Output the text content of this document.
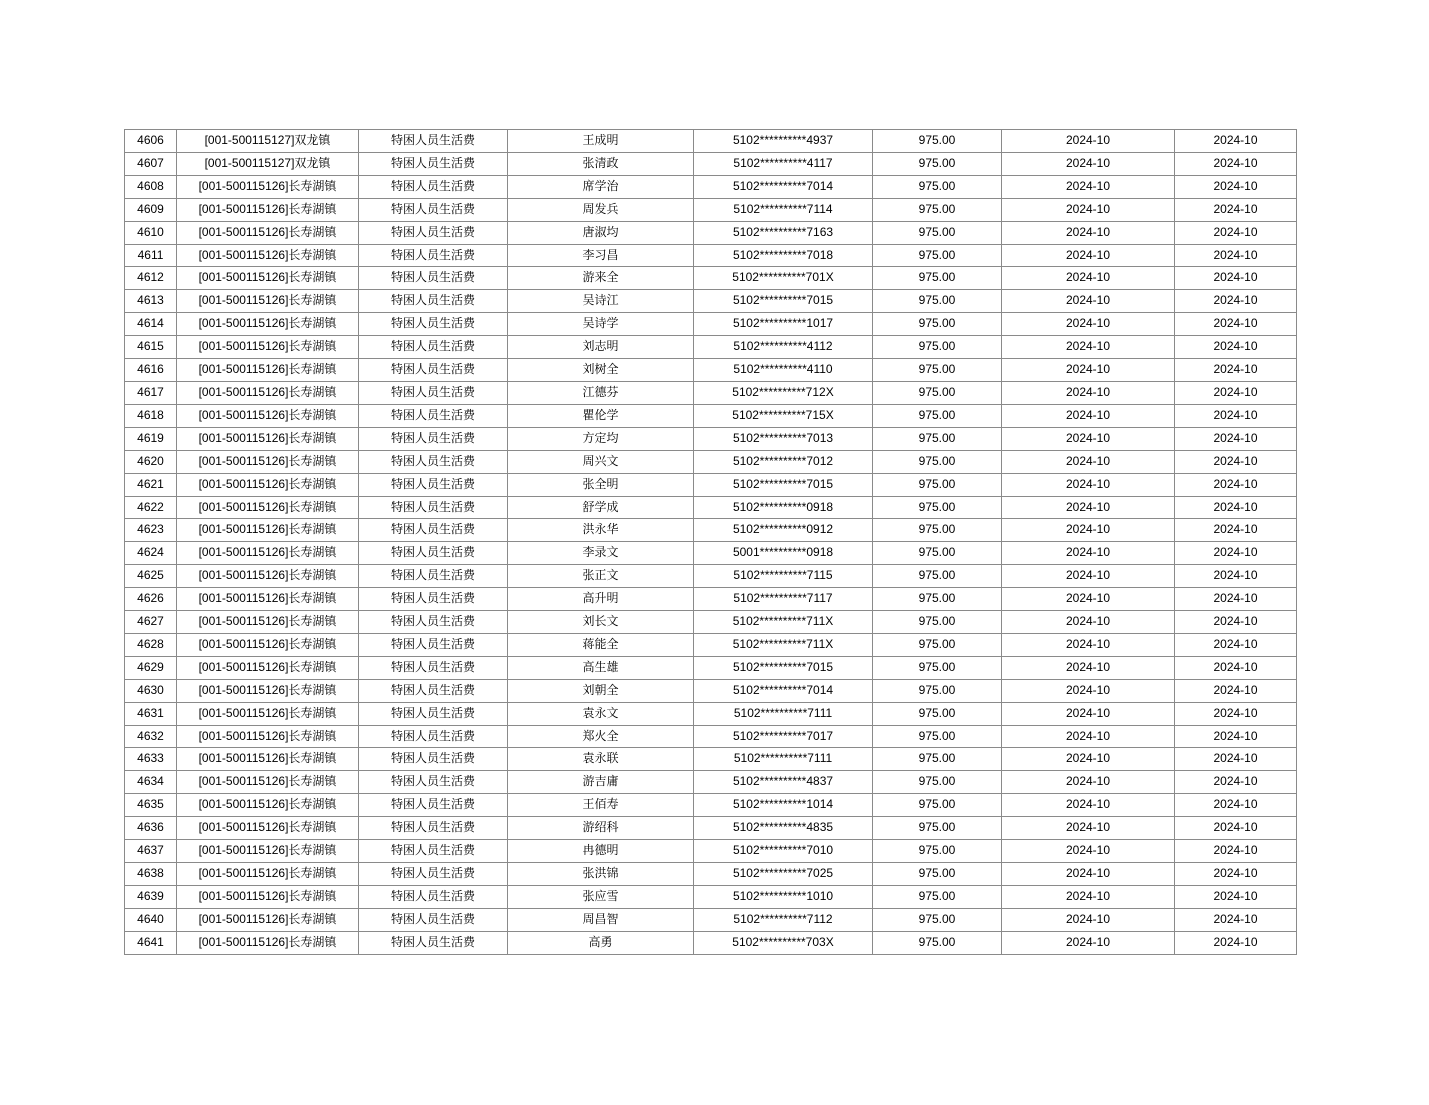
4606	[001-500115127]双龙镇	特困人员生活费	王成明	5102**********4937	975.00	2024-10	2024-10
4607	[001-500115127]双龙镇	特困人员生活费	张清政	5102**********4117	975.00	2024-10	2024-10
4608	[001-500115126]长寿湖镇	特困人员生活费	席学治	5102**********7014	975.00	2024-10	2024-10
4609	[001-500115126]长寿湖镇	特困人员生活费	周发兵	5102**********7114	975.00	2024-10	2024-10
4610	[001-500115126]长寿湖镇	特困人员生活费	唐淑均	5102**********7163	975.00	2024-10	2024-10
4611	[001-500115126]长寿湖镇	特困人员生活费	李习昌	5102**********7018	975.00	2024-10	2024-10
4612	[001-500115126]长寿湖镇	特困人员生活费	游来全	5102**********701X	975.00	2024-10	2024-10
4613	[001-500115126]长寿湖镇	特困人员生活费	吴诗江	5102**********7015	975.00	2024-10	2024-10
4614	[001-500115126]长寿湖镇	特困人员生活费	吴诗学	5102**********1017	975.00	2024-10	2024-10
4615	[001-500115126]长寿湖镇	特困人员生活费	刘志明	5102**********4112	975.00	2024-10	2024-10
4616	[001-500115126]长寿湖镇	特困人员生活费	刘树全	5102**********4110	975.00	2024-10	2024-10
4617	[001-500115126]长寿湖镇	特困人员生活费	江德芬	5102**********712X	975.00	2024-10	2024-10
4618	[001-500115126]长寿湖镇	特困人员生活费	瞿伦学	5102**********715X	975.00	2024-10	2024-10
4619	[001-500115126]长寿湖镇	特困人员生活费	方定均	5102**********7013	975.00	2024-10	2024-10
4620	[001-500115126]长寿湖镇	特困人员生活费	周兴文	5102**********7012	975.00	2024-10	2024-10
4621	[001-500115126]长寿湖镇	特困人员生活费	张全明	5102**********7015	975.00	2024-10	2024-10
4622	[001-500115126]长寿湖镇	特困人员生活费	舒学成	5102**********0918	975.00	2024-10	2024-10
4623	[001-500115126]长寿湖镇	特困人员生活费	洪永华	5102**********0912	975.00	2024-10	2024-10
4624	[001-500115126]长寿湖镇	特困人员生活费	李录文	5001**********0918	975.00	2024-10	2024-10
4625	[001-500115126]长寿湖镇	特困人员生活费	张正文	5102**********7115	975.00	2024-10	2024-10
4626	[001-500115126]长寿湖镇	特困人员生活费	高升明	5102**********7117	975.00	2024-10	2024-10
4627	[001-500115126]长寿湖镇	特困人员生活费	刘长文	5102**********711X	975.00	2024-10	2024-10
4628	[001-500115126]长寿湖镇	特困人员生活费	蒋能全	5102**********711X	975.00	2024-10	2024-10
4629	[001-500115126]长寿湖镇	特困人员生活费	高生雄	5102**********7015	975.00	2024-10	2024-10
4630	[001-500115126]长寿湖镇	特困人员生活费	刘朝全	5102**********7014	975.00	2024-10	2024-10
4631	[001-500115126]长寿湖镇	特困人员生活费	袁永文	5102**********7111	975.00	2024-10	2024-10
4632	[001-500115126]长寿湖镇	特困人员生活费	郑火全	5102**********7017	975.00	2024-10	2024-10
4633	[001-500115126]长寿湖镇	特困人员生活费	袁永联	5102**********7111	975.00	2024-10	2024-10
4634	[001-500115126]长寿湖镇	特困人员生活费	游吉庸	5102**********4837	975.00	2024-10	2024-10
4635	[001-500115126]长寿湖镇	特困人员生活费	王佰寿	5102**********1014	975.00	2024-10	2024-10
4636	[001-500115126]长寿湖镇	特困人员生活费	游绍科	5102**********4835	975.00	2024-10	2024-10
4637	[001-500115126]长寿湖镇	特困人员生活费	冉德明	5102**********7010	975.00	2024-10	2024-10
4638	[001-500115126]长寿湖镇	特困人员生活费	张洪锦	5102**********7025	975.00	2024-10	2024-10
4639	[001-500115126]长寿湖镇	特困人员生活费	张应雪	5102**********1010	975.00	2024-10	2024-10
4640	[001-500115126]长寿湖镇	特困人员生活费	周昌智	5102**********7112	975.00	2024-10	2024-10
4641	[001-500115126]长寿湖镇	特困人员生活费	高勇	5102**********703X	975.00	2024-10	2024-10
